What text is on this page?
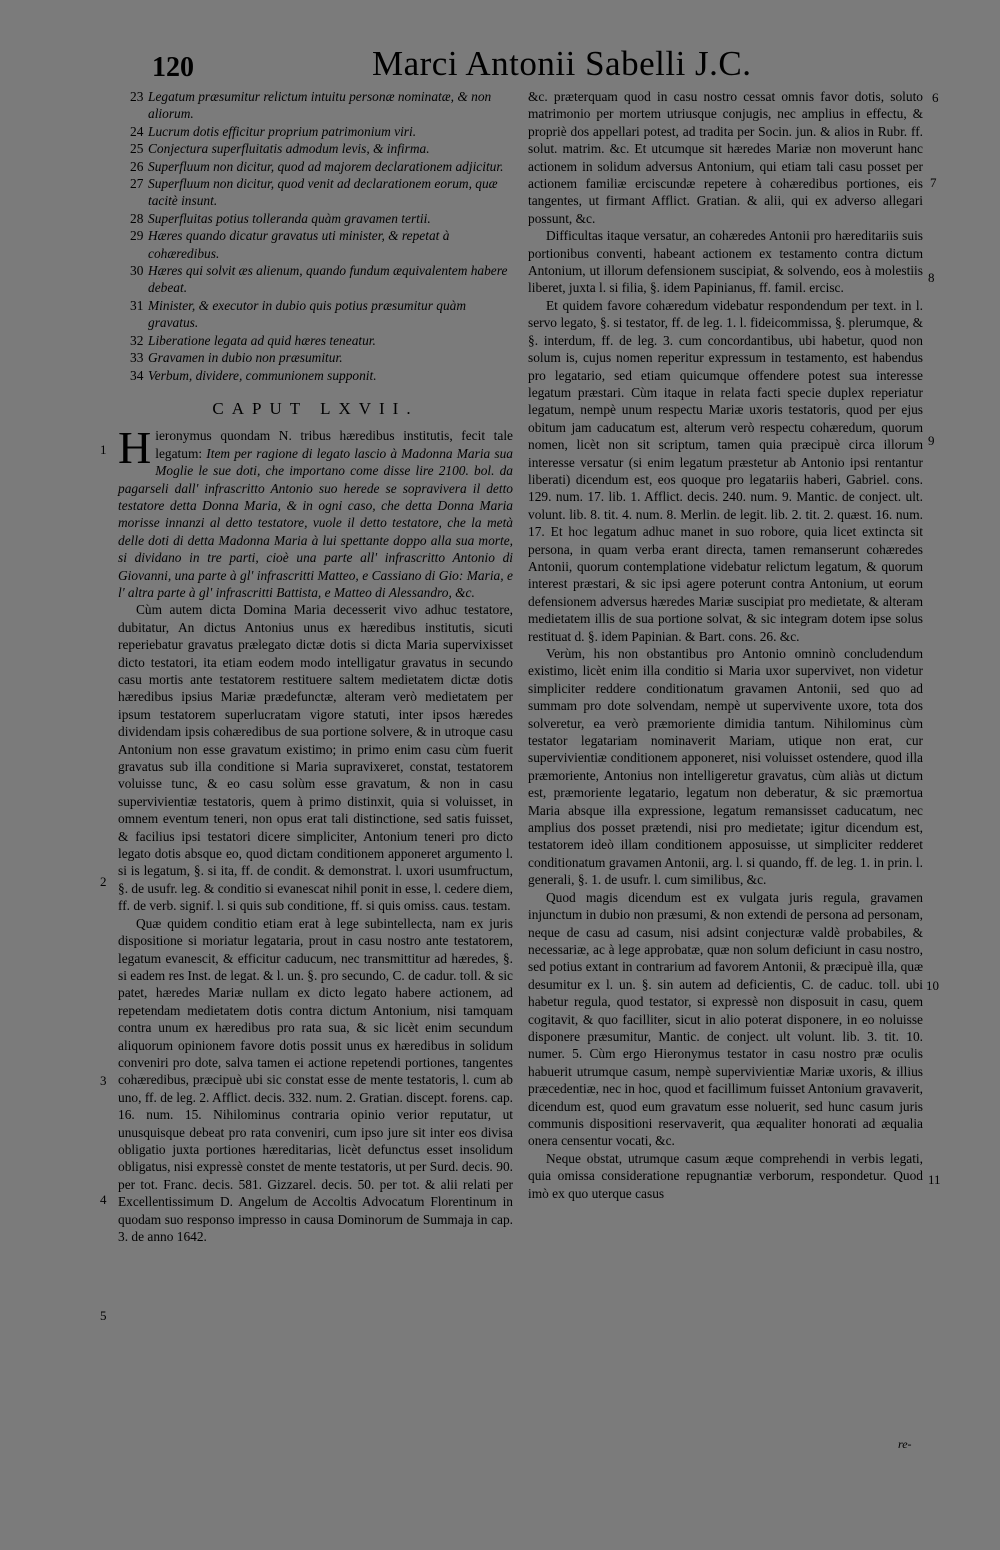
120	Marci Antonii Sabelli J.C.
23 Legatum præsumitur relictum intuitu personæ nominatæ, & non aliorum.
24 Lucrum dotis efficitur proprium patrimonium viri.
25 Conjectura superfluitatis admodum levis, & infirma.
26 Superfluum non dicitur, quod ad majorem declarationem adjicitur.
27 Superfluum non dicitur, quod venit ad declarationem eorum, quæ tacitè insunt.
28 Superfluitas potius tolleranda quàm gravamen tertii.
29 Hæres quando dicatur gravatus uti minister, & repetat à cohæredibus.
30 Hæres qui solvit æs alienum, quando fundum æquivalentem habere debeat.
31 Minister, & executor in dubio quis potius præsumitur quàm gravatus.
32 Liberatione legata ad quid hæres teneatur.
33 Gravamen in dubio non præsumitur.
34 Verbum, dividere, communionem supponit.
CAPUT LXVII.

Hieronymus quondam N. tribus hæredibus institutis, fecit tale legatum: Item per ragione di legato lascio à Madonna Maria sua Moglie le sue doti, che importano come disse lire 2100. bol. da pagarseli dall' infrascritto Antonio suo herede se sopravivera il detto testatore detta Donna Maria, & in ogni caso, che detta Donna Maria morisse innanzi al detto testatore, vuole il detto testatore, che la metà delle doti di detta Madonna Maria à lui spettante doppo alla sua morte, si dividano in tre parti, cioè una parte all' infrascritto Antonio di Giovanni, una parte à gl' infrascritti Matteo, e Cassiano di Gio: Maria, e l' altra parte à gl' infrascritti Battista, e Matteo di Alessandro, &c.

Cùm autem dicta Domina Maria decesserit vivo adhuc testatore, dubitatur, An dictus Antonius unus ex hæredibus institutis, sicuti reperiebatur gravatus prælegato dictæ dotis si dicta Maria supervixisset dicto testatori, ita etiam eodem modo intelligatur gravatus in secundo casu mortis ante testatorem restituere saltem medietatem dictæ dotis hæredibus ipsius Mariæ prædefunctæ, alteram verò medietatem per ipsum testatorem superlucratam vigore statuti, inter ipsos hæredes dividendam ipsis cohæredibus de sua portione solvere, & in utroque casu Antonium non esse gravatum existimo; in primo enim casu cùm fuerit gravatus sub illa conditione si Maria supravixeret, constat, testatorem voluisse tunc, & eo casu solùm esse gravatum, & non in casu supervivientiæ testatoris, quem à primo distinxit, quia si voluisset, in omnem eventum teneri, non opus erat tali distinctione, sed satis fuisset, & facilius ipsi testatori dicere simpliciter, Antonium teneri pro dicto legato dotis absque eo, quod dictam conditionem apponeret argumento l. si is legatum, §. si ita, ff. de condit. & demonstrat. l. uxori usumfructum, §. de usufr. leg. & conditio si evanescat nihil ponit in esse, l. cedere diem, ff. de verb. signif. l. si quis sub conditione, ff. si quis omiss. caus. testam.

Quæ quidem conditio etiam erat à lege subintellecta, nam ex juris dispositione si moriatur legataria, prout in casu nostro ante testatorem, legatum evanescit, & efficitur caducum, nec transmittitur ad hæredes, §. si eadem res Inst. de legat. & l. un. §. pro secundo, C. de cadur. toll. & sic patet, hæredes Mariæ nullam ex dicto legato habere actionem, ad repetendam medietatem dotis contra dictum Antonium, nisi tamquam contra unum ex hæredibus pro rata sua, & sic licèt enim secundum aliquorum opinionem favore dotis possit unus ex hæredibus in solidum conveniri pro dote, salva tamen ei actione repetendi portiones, tangentes cohæredibus, præcipuè ubi sic constat esse de mente testatoris, l. cum ab uno, ff. de leg. 2. Afflict. decis. 332. num. 2. Gratian. discept. forens. cap. 16. num. 15. Nihilominus contraria opinio verior reputatur, ut unusquisque debeat pro rata conveniri, cum ipso jure sit inter eos divisa obligatio juxta portiones hæreditarias, licèt defunctus esset insolidum obligatus, nisi expressè constet de mente testatoris, ut per Surd. decis. 90. per tot. Franc. decis. 581. Gizzarel. decis. 50. per tot. & alii relati per Excellentissimum D. Angelum de Accoltis Advocatum Florentinum in quodam suo responso impresso in causa Dominorum de Summaja in cap. 3. de anno 1642.

&c. præterquam quod in casu nostro cessat omnis favor dotis, soluto matrimonio per mortem utriusque conjugis, nec amplius in effectu, & propriè dos appellari potest, ad tradita per Socin. jun. & alios in Rubr. ff. solut. matrim. &c. Et utcumque sit hæredes Mariæ non moverunt hanc actionem in solidum adversus Antonium, qui etiam tali casu posset per actionem familiæ erciscundæ repetere à cohæredibus portiones, eis tangentes, ut firmant Afflict. Gratian. & alii, qui ex adverso allegari possunt, &c.

Difficultas itaque versatur, an cohæredes Antonii pro hæreditariis suis portionibus conventi, habeant actionem ex testamento contra dictum Antonium, ut illorum defensionem suscipiat, & solvendo, eos à molestiis liberet, juxta l. si filia, §. idem Papinianus, ff. famil. ercisc.

Et quidem favore cohæredum videbatur respondendum per text. in l. servo legato, §. si testator, ff. de leg. 1. l. fideicommissa, §. plerumque, & §. interdum, ff. de leg. 3. cum concordantibus, ubi habetur, quod non solum is, cujus nomen reperitur expressum in testamento, est habendus pro legatario, sed etiam quicumque offendere potest sua interesse legatum præstari. Cùm itaque in relata facti specie duplex reperiatur legatum, nempè unum respectu Mariæ uxoris testatoris, quod per ejus obitum jam caducatum est, alterum verò respectu cohæredum, quorum nomen, licèt non sit scriptum, tamen quia præcipuè circa illorum interesse versatur (si enim legatum præstetur ab Antonio ipsi rentantur liberati) dicendum est, eos quoque pro legatariis haberi, Gabriel. cons. 129. num. 17. lib. 1. Afflict. decis. 240. num. 9. Mantic. de conject. ult. volunt. lib. 8. tit. 4. num. 8. Merlin. de legit. lib. 2. tit. 2. quæst. 16. num. 17. Et hoc legatum adhuc manet in suo robore, quia licet extincta sit persona, in quam verba erant directa, tamen remanserunt cohæredes Antonii, quorum contemplatione videbatur relictum legatum, & quorum interest præstari, & sic ipsi agere poterunt contra Antonium, ut eorum defensionem adversus hæredes Mariæ suscipiat pro medietate, & alteram medietatem illis de sua portione solvat, & sic integram dotem ipse solus restituat d. §. idem Papinian. & Bart. cons. 26. &c.

Verùm, his non obstantibus pro Antonio omninò concludendum existimo, licèt enim illa conditio si Maria uxor supervivet, non videtur simpliciter reddere conditionatum gravamen Antonii, sed quo ad summam pro dote solvendam, nempè ut supervivente uxore, tota dos solveretur, ea verò præmoriente dimidia tantum. Nihilominus cùm testator legatariam nominaverit Mariam, utique non erat, cur supervivientiæ conditionem apponeret, nisi voluisset ostendere, quod illa præmoriente, Antonius non intelligeretur gravatus, cùm aliàs ut dictum est, præmoriente legatario, legatum non deberatur, & sic præmortua Maria absque illa expressione, legatum remansisset caducatum, nec amplius dos posset prætendi, nisi pro medietate; igitur dicendum est, testatorem ideò illam conditionem apposuisse, ut simpliciter redderet conditionatum gravamen Antonii, arg. l. si quando, ff. de leg. 1. in prin. l. generali, §. 1. de usufr. l. cum similibus, &c.

Quod magis dicendum est ex vulgata juris regula, gravamen injunctum in dubio non præsumi, & non extendi de persona ad personam, neque de casu ad casum, nisi adsint conjecturæ valdè probabiles, & necessariæ, ac à lege approbatæ, quæ non solum deficiunt in casu nostro, sed potius extant in contrarium ad favorem Antonii, & præcipuè illa, quæ desumitur ex l. un. §. sin autem ad deficientis, C. de caduc. toll. ubi habetur regula, quod testator, si expressè non disposuit in casu, quem cogitavit, & quo facilliter, sicut in alio poterat disponere, in eo noluisse disponere præsumitur, Mantic. de conject. ult volunt. lib. 3. tit. 10. numer. 5. Cùm ergo Hieronymus testator in casu nostro præ oculis habuerit utrumque casum, nempè supervivientiæ Mariæ uxoris, & illius præcedentiæ, nec in hoc, quod et facillimum fuisset Antonium gravaverit, dicendum est, quod eum gravatum esse noluerit, sed hunc casum juris communis dispositioni reservaverit, qua æqualiter honorati ad æqualia onera censentur vocati, &c.

Neque obstat, utrumque casum æque comprehendi in verbis legati, quia omissa consideratione repugnantiæ verborum, respondetur. Quod imò ex quo uterque casus

1
2
3
4
5
6
7
8
9
10
11
re-
